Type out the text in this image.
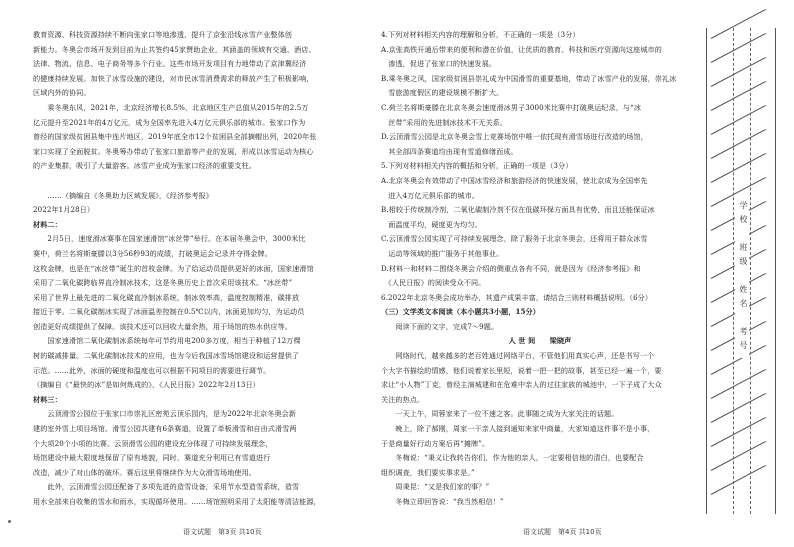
教育资源、科技资源持续不断向张家口等地渗透，提升了京张沿线冰雪产业整体创
新能力。冬奥会市场开发到目前为止共签约45家赞助企业，其涵盖的领域有交通、酒店、
法律、物流、信息、电子商务等多个行业。这些市场开发项目有力地带动了京津冀经济
的健康持续发展。加快了冰雪设施的建设，对市民冰雪消费需求的释放产生了积极影响，
区域内外的协同。
　　乘冬奥东风，2021年，北京经济增长8.5%，北京地区生产总值从2015年的2.5万
亿元提升至2021年的4万亿元，成为全国率先进入4万亿元俱乐部的城市。张家口作为
曾经的国家级贫困县集中连片地区，2019年底全市12个贫困县全部摘帽出列，2020年张
家口实现了全面脱贫。冬奥筹办带动了张家口旅游等产业的发展，形成以冰雪运动为核心
的产业集群，吸引了大量游客。冰雪产业成为张家口经济的重要支柱。

　　……（摘编自《冬奥助力区域发展》，《经济参考报》
2022年1月28日）
材料二：
　　2月5日，速度滑冰赛事在国家速滑馆“冰丝带”举行。在本届冬奥会中，3000米比
赛中，荷兰名将斯豪滕以3分56秒93的成绩，打破奥运会记录并夺得金牌。
这枚金牌，也是在“冰丝带”诞生的首枚金牌。为了给运动员提供更好的冰面，国家速滑馆
采用了二氧化碳跨临界直冷制冰技术，这是冬奥历史上首次采用该技术。“冰丝带”
采用了世界上最先进的二氧化碳直冷制冰系统，制冰效率高，温度控制精准，碳排放
接近于零。二氧化碳制冰实现了冰面温差控制在0.5℃以内，冰面更加均匀，为运动员
创造更好成绩提供了保障。该技术还可以回收大量余热，用于场馆的热水供应等。
　　国家速滑馆二氧化碳制冰系统每年可节约用电200多万度，相当于种植了12万棵
树的碳减排量。二氧化碳制冰技术的应用，也为今后我国冰雪场馆建设和运营提供了
示范。……此外，冰面的硬度和温度也可以根据不同项目的需要进行调节。
（摘编自《“最快的冰”是如何炼成的》，《人民日报》2022年2月13日）
材料三：
　　云顶滑雪公园位于张家口市崇礼区密苑云顶乐园内，是为2022年北京冬奥会新
建的室外雪上项目场馆。滑雪公园共建有6条赛道，设置了单板滑雪和自由式滑雪两
个大项20个小项的比赛。云顶滑雪公园的建设充分体现了可持续发展理念，
场馆建设中最大限度地保留了原有地貌，同时，赛道充分利用已有雪道进行
改造，减少了对山体的破坏。赛后这里将继续作为大众滑雪场地使用。
　　此外，云顶滑雪公园还配备了多项先进的造雪设备，采用节水型造雪系统，造雪
用水全部来自收集的雪水和雨水，实现循环使用。……场馆照明采用了太阳能等清洁能源，
4.下列对材料相关内容的理解和分析，不正确的一项是（3分）
A.京张高铁开通后带来的便利和潜在价值，让优质的教育、科技和医疗资源向这座城市的
　渗透，促进了张家口的快速发展。
B.乘冬奥之风，国家级贫困县崇礼成为中国滑雪的重要基地，带动了冰雪产业的发展，崇礼冰
　雪旅游度假区的建设规模不断扩大。
C.荷兰名将斯豪滕在北京冬奥会速度滑冰男子3000米比赛中打破奥运纪录，与“冰
　丝带”采用的先进制冰技术不无关系。
D.云顶滑雪公园是北京冬奥会雪上竞赛场馆中唯一依托现有滑雪场进行改造的场馆，
　其全部四条赛道均由现有雪道修缮而成。
5.下列对材料相关内容的概括和分析，正确的一项是（3分）
A.北京冬奥会有效带动了中国冰雪经济和旅游经济的快速发展，使北京成为全国率先
　进入4万亿元俱乐部的城市。
B.相较于传统制冷剂，二氧化碳制冷剂不仅在低碳环保方面具有优势，而且还能保证冰
　面温度平均，硬度更为均匀。
C.云顶滑雪公园实现了可持续发展理念，除了服务于北京冬奥会，还将用于群众冰雪
　运动等领域的推广服务于其他事业。
D.材料一和材料二围绕冬奥会介绍的侧重点各有不同，就是因为《经济参考报》和
　《人民日报》的阅读受众不同。
6.2022年北京冬奥会成功举办，其遗产成果丰富，请结合三则材料概括说明。（6分）
（三）文学类文本阅读（本小题共3小题，15分）
　　阅读下面的文字，完成7～9题。
人 世 间　　梁晓声
　　网络时代，越来越多的老百姓通过网络平台，不管他们用真实心声，还是书写一个
个大字书描绘的情感，他们说着家长里短，说着一把一把的故事，甚至已经一遍一个，要
求让“小人物”丁克，曾经主演城建和在危难中亲人的过往家族的城池中，一下子成了大众
关注的热点。
　　一天上午，周蓉家来了一位不速之客。此事随之成为大家关注的话题。
　　晚上，除了郝刚，周家一干亲人接到通知来家中商量，大家知道这件事不是小事，
于是商量好行动方案后再“摊牌”。
　　冬梅说：“秉义让我转告你们，作为他的亲人，一定要相信他的清白，也要配合
组织调查，我们要实事求是。”
　　周秉昆：“又是我们家的事？”
　　冬梅立即回答说：“我当然相信！”
语文试题　第3页 共10页	语文试题　第4页 共10页
学校　班级　姓名　考号
